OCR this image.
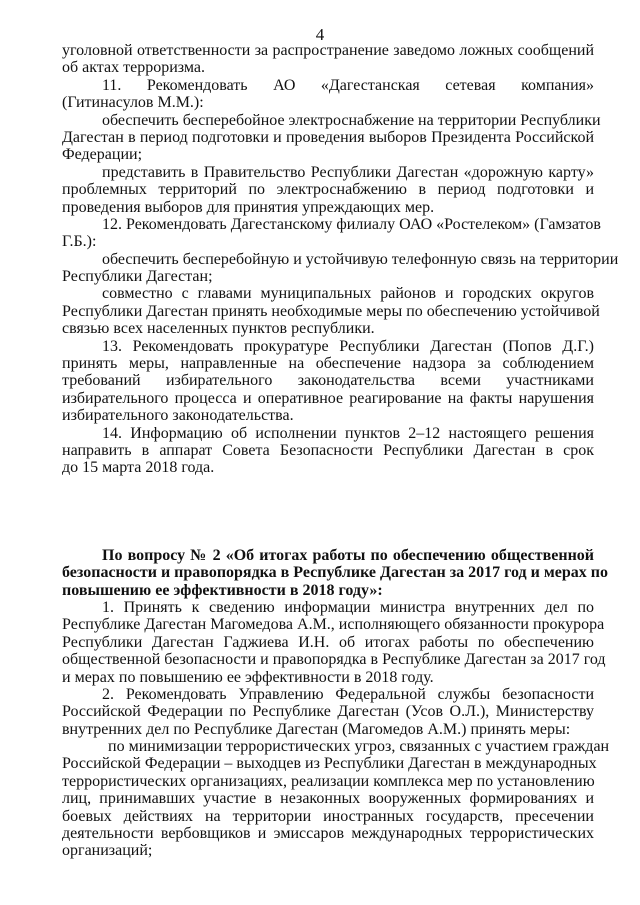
4
уголовной ответственности за распространение заведомо ложных сообщений
об актах терроризма.
11. Рекомендовать АО «Дагестанская сетевая компания»
(Гитинасулов М.М.):
обеспечить бесперебойное электроснабжение на территории Республики
Дагестан в период подготовки и проведения выборов Президента Российской
Федерации;
представить в Правительство Республики Дагестан «дорожную карту»
проблемных территорий по электроснабжению в период подготовки и
проведения выборов для принятия упреждающих мер.
12. Рекомендовать Дагестанскому филиалу ОАО «Ростелеком» (Гамзатов
Г.Б.):
обеспечить бесперебойную и устойчивую телефонную связь на территории
Республики Дагестан;
совместно с главами муниципальных районов и городских округов
Республики Дагестан принять необходимые меры по обеспечению устойчивой
связью всех населенных пунктов республики.
13. Рекомендовать прокуратуре Республики Дагестан (Попов Д.Г.)
принять меры, направленные на обеспечение надзора за соблюдением
требований избирательного законодательства всеми участниками
избирательного процесса и оперативное реагирование на факты нарушения
избирательного законодательства.
14. Информацию об исполнении пунктов 2–12 настоящего решения
направить в аппарат Совета Безопасности Республики Дагестан в срок
до 15 марта 2018 года.
По вопросу № 2 «Об итогах работы по обеспечению общественной
безопасности и правопорядка в Республике Дагестан за 2017 год и мерах по
повышению ее эффективности в 2018 году»:
1. Принять к сведению информации министра внутренних дел по
Республике Дагестан Магомедова А.М., исполняющего обязанности прокурора
Республики Дагестан Гаджиева И.Н. об итогах работы по обеспечению
общественной безопасности и правопорядка в Республике Дагестан за 2017 год
и мерах по повышению ее эффективности в 2018 году.
2. Рекомендовать Управлению Федеральной службы безопасности
Российской Федерации по Республике Дагестан (Усов О.Л.), Министерству
внутренних дел по Республике Дагестан (Магомедов А.М.) принять меры:
по минимизации террористических угроз, связанных с участием граждан
Российской Федерации – выходцев из Республики Дагестан в международных
террористических организациях, реализации комплекса мер по установлению
лиц, принимавших участие в незаконных вооруженных формированиях и
боевых действиях на территории иностранных государств, пресечении
деятельности вербовщиков и эмиссаров международных террористических
организаций;
